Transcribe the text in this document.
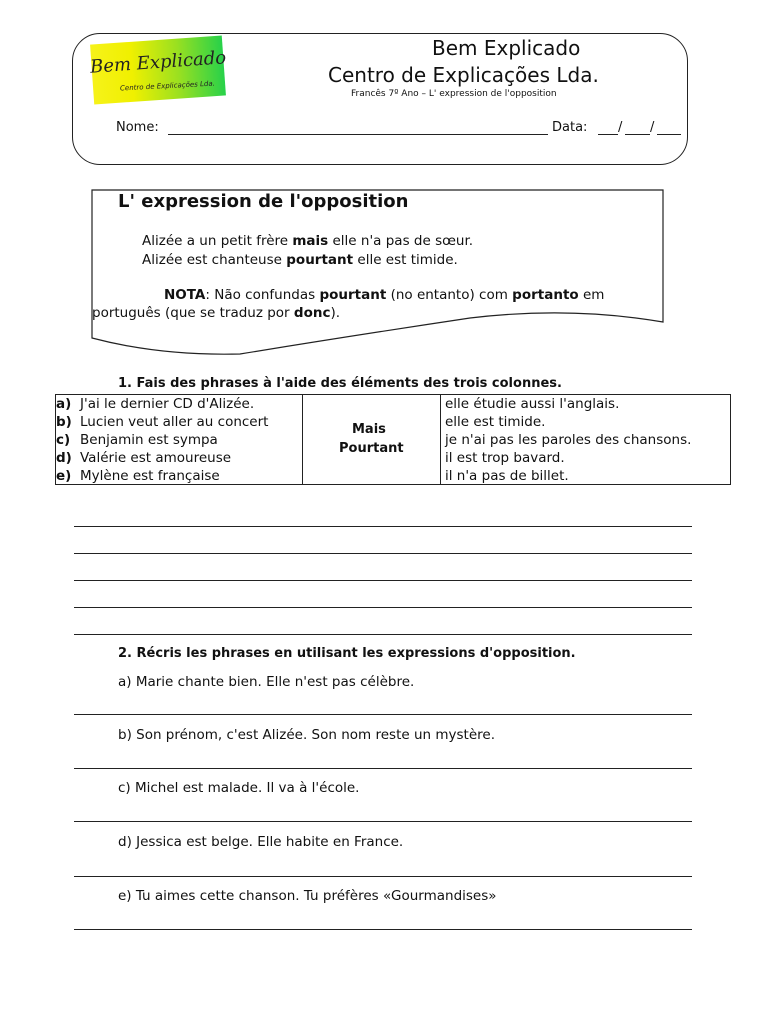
Bem Explicado
Centro de Explicações Lda.
Bem Explicado
Centro de Explicações Lda.
Francês 7º Ano – L' expression de l'opposition
Nome:	Data: / /
L' expression de l'opposition
Alizée a un petit frère mais elle n'a pas de sœur.
Alizée est chanteuse pourtant elle est timide.
NOTA: Não confundas pourtant (no entanto) com portanto em
português (que se traduz por donc).
1. Fais des phrases à l'aide des éléments des trois colonnes.
a) J'ai le dernier CD d'Alizée.
b) Lucien veut aller au concert
c) Benjamin est sympa
d) Valérie est amoureuse
e) Mylène est française
Mais
Pourtant
elle étudie aussi l'anglais.
elle est timide.
je n'ai pas les paroles des chansons.
il est trop bavard.
il n'a pas de billet.
2. Récris les phrases en utilisant les expressions d'opposition.
a) Marie chante bien. Elle n'est pas célèbre.
b) Son prénom, c'est Alizée. Son nom reste un mystère.
c) Michel est malade. Il va à l'école.
d) Jessica est belge. Elle habite en France.
e) Tu aimes cette chanson. Tu préfères «Gourmandises»
